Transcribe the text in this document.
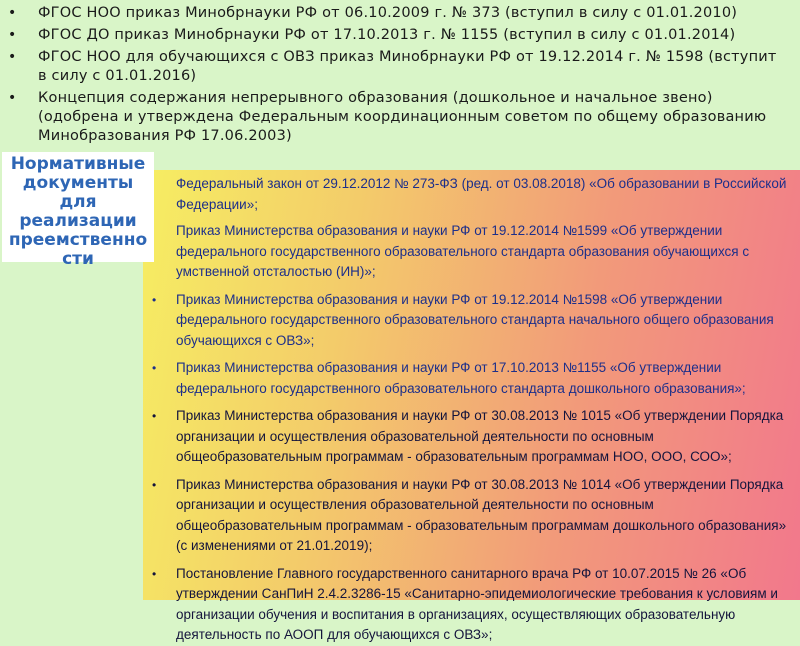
• ФГОС НОО приказ Минобрнауки РФ от 06.10.2009 г. № 373 (вступил в силу с 01.01.2010)
• ФГОС ДО приказ Минобрнауки РФ от 17.10.2013 г. № 1155 (вступил в силу с 01.01.2014)
• ФГОС НОО для обучающихся с ОВЗ приказ Минобрнауки РФ от 19.12.2014 г. № 1598 (вступит в силу с 01.01.2016)
• Концепция содержания непрерывного образования (дошкольное и начальное звено) (одобрена и утверждена Федеральным координационным советом по общему образованию Минобразования РФ 17.06.2003)
Нормативные
документы
для
реализации
преемственно
сти
Федеральный закон от 29.12.2012 № 273-ФЗ (ред. от 03.08.2018) «Об образовании в Российской Федерации»;
Приказ Министерства образования и науки РФ от 19.12.2014 №1599 «Об утверждении федерального государственного образовательного стандарта образования обучающихся с умственной отсталостью (ИН)»;
• Приказ Министерства образования и науки РФ от 19.12.2014 №1598 «Об утверждении федерального государственного образовательного стандарта начального общего образования обучающихся с ОВЗ»;
• Приказ Министерства образования и науки РФ от 17.10.2013 №1155 «Об утверждении федерального государственного образовательного стандарта дошкольного образования»;
• Приказ Министерства образования и науки РФ от 30.08.2013 № 1015 «Об утверждении Порядка организации и осуществления образовательной деятельности по основным общеобразовательным программам - образовательным программам НОО, ООО, СОО»;
• Приказ Министерства образования и науки РФ от 30.08.2013 № 1014 «Об утверждении Порядка организации и осуществления образовательной деятельности по основным общеобразовательным программам - образовательным программам дошкольного образования» (с изменениями от 21.01.2019);
• Постановление Главного государственного санитарного врача РФ от 10.07.2015 № 26 «Об утверждении СанПиН 2.4.2.3286-15 «Санитарно-эпидемиологические требования к условиям и организации обучения и воспитания в организациях, осуществляющих образовательную деятельность по АООП для обучающихся с ОВЗ»;
